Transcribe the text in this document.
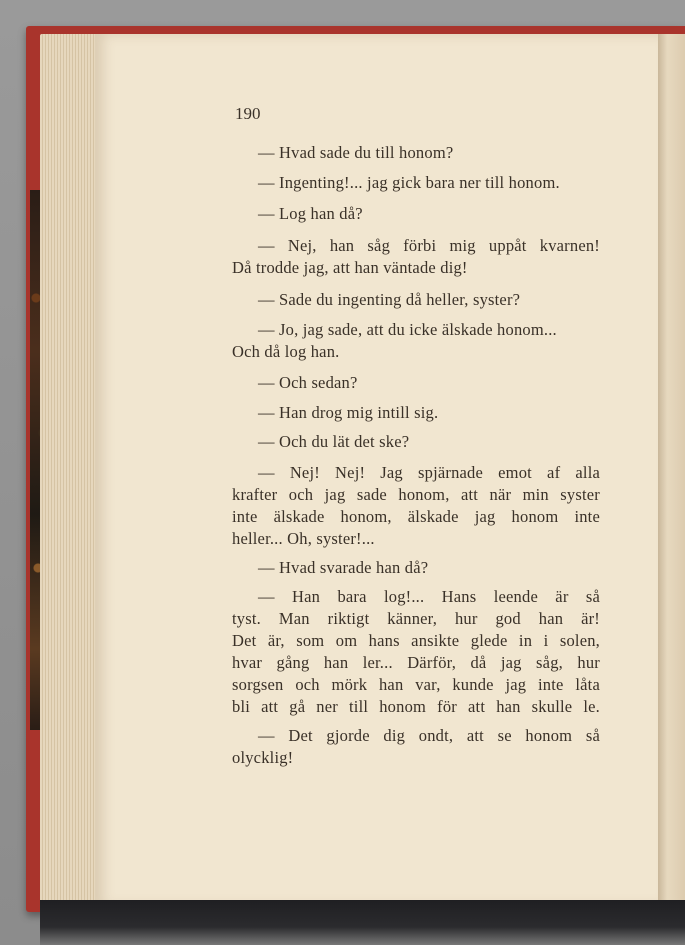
190
— Hvad sade du till honom?
— Ingenting!... jag gick bara ner till honom.
— Log han då?
— Nej, han såg förbi mig uppåt kvarnen!
Då trodde jag, att han väntade dig!
— Sade du ingenting då heller, syster?
— Jo, jag sade, att du icke älskade honom...
Och då log han.
— Och sedan?
— Han drog mig intill sig.
— Och du lät det ske?
— Nej! Nej! Jag spjärnade emot af alla
krafter och jag sade honom, att när min syster
inte älskade honom, älskade jag honom inte
heller... Oh, syster!...
— Hvad svarade han då?
— Han bara log!... Hans leende är så
tyst. Man riktigt känner, hur god han är!
Det är, som om hans ansikte glede in i solen,
hvar gång han ler... Därför, då jag såg, hur
sorgsen och mörk han var, kunde jag inte låta
bli att gå ner till honom för att han skulle le.
— Det gjorde dig ondt, att se honom så
olycklig!
